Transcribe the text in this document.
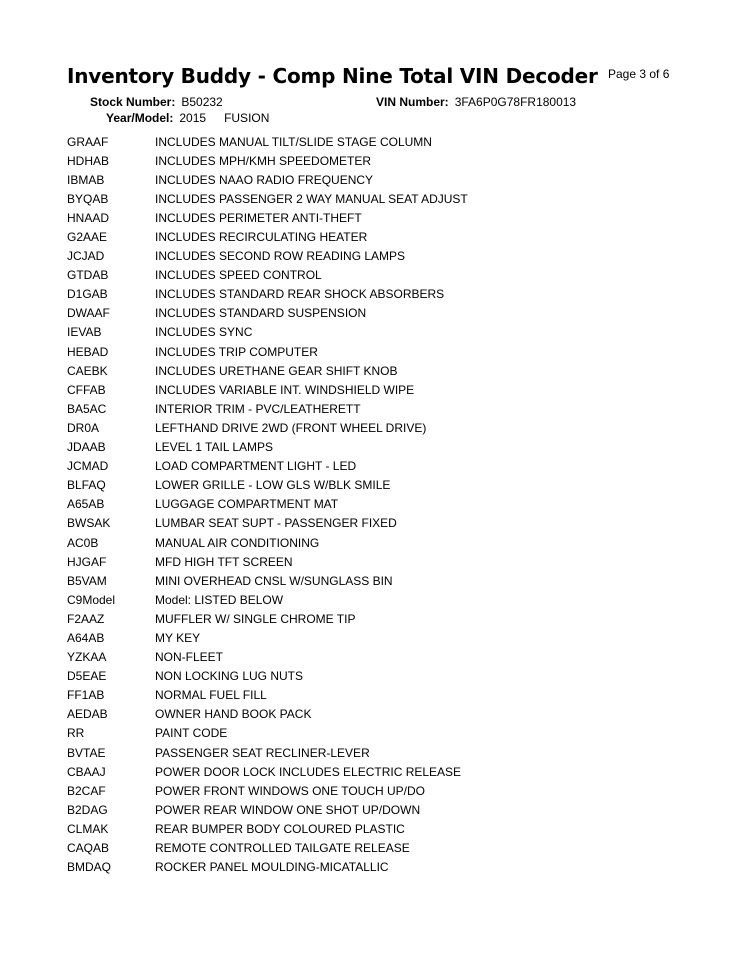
Inventory Buddy - Comp Nine Total VIN Decoder Page 3 of 6
Stock Number: B50232	VIN Number: 3FA6P0G78FR180013
Year/Model: 2015 FUSION
GRAAF	INCLUDES MANUAL TILT/SLIDE STAGE COLUMN
HDHAB	INCLUDES MPH/KMH SPEEDOMETER
IBMAB	INCLUDES NAAO RADIO FREQUENCY
BYQAB	INCLUDES PASSENGER 2 WAY MANUAL SEAT ADJUST
HNAAD	INCLUDES PERIMETER ANTI-THEFT
G2AAE	INCLUDES RECIRCULATING HEATER
JCJAD	INCLUDES SECOND ROW READING LAMPS
GTDAB	INCLUDES SPEED CONTROL
D1GAB	INCLUDES STANDARD REAR SHOCK ABSORBERS
DWAAF	INCLUDES STANDARD SUSPENSION
IEVAB	INCLUDES SYNC
HEBAD	INCLUDES TRIP COMPUTER
CAEBK	INCLUDES URETHANE GEAR SHIFT KNOB
CFFAB	INCLUDES VARIABLE INT. WINDSHIELD WIPE
BA5AC	INTERIOR TRIM - PVC/LEATHERETT
DR0A	LEFTHAND DRIVE 2WD (FRONT WHEEL DRIVE)
JDAAB	LEVEL 1 TAIL LAMPS
JCMAD	LOAD COMPARTMENT LIGHT - LED
BLFAQ	LOWER GRILLE - LOW GLS W/BLK SMILE
A65AB	LUGGAGE COMPARTMENT MAT
BWSAK	LUMBAR SEAT SUPT - PASSENGER FIXED
AC0B	MANUAL AIR CONDITIONING
HJGAF	MFD HIGH TFT SCREEN
B5VAM	MINI OVERHEAD CNSL W/SUNGLASS BIN
C9Model	Model: LISTED BELOW
F2AAZ	MUFFLER W/ SINGLE CHROME TIP
A64AB	MY KEY
YZKAA	NON-FLEET
D5EAE	NON LOCKING LUG NUTS
FF1AB	NORMAL FUEL FILL
AEDAB	OWNER HAND BOOK PACK
RR	PAINT CODE
BVTAE	PASSENGER SEAT RECLINER-LEVER
CBAAJ	POWER DOOR LOCK INCLUDES ELECTRIC RELEASE
B2CAF	POWER FRONT WINDOWS ONE TOUCH UP/DO
B2DAG	POWER REAR WINDOW ONE SHOT UP/DOWN
CLMAK	REAR BUMPER BODY COLOURED PLASTIC
CAQAB	REMOTE CONTROLLED TAILGATE RELEASE
BMDAQ	ROCKER PANEL MOULDING-MICATALLIC
